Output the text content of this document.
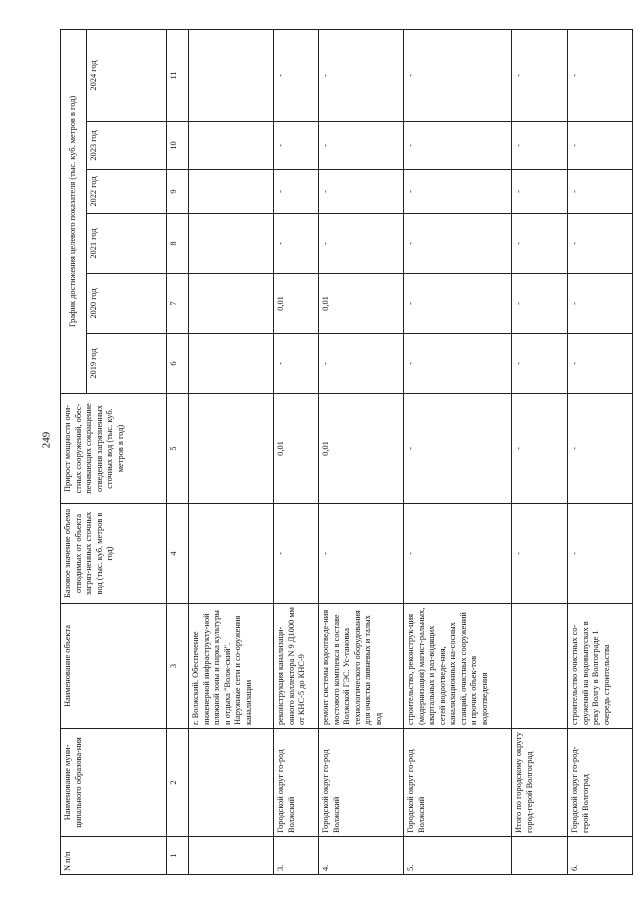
249
N п/п	Наименование муни-ципального образова-ния	Наименование объекта	Базовое значение объема отводимых от объекта загряз-ненных сточных вод (тыс. куб. метров в год)	Прирост мощности очи-стных сооружений, обес-печивающих сокращение отведения загрязненных сточных вод (тыс. куб. метров в год)	График достижения целевого показателя (тыс. куб. метров в год)					
					2019 год	2020 год	2021 год	2022 год	2023 год	2024 год
1	2	3	4	5	6	7	8	9	10	11
		г. Волжский. Обеспечение инженерной инфраструкту-ной пляжной зоны и парка культуры и отдыха "Волж-ский". Наружные сети и со-оружения канализации								
3.	Городской округ го-род Волжский	реконструкция канализаци-онного коллектора N 9 Д1000 мм от КНС-5 до КНС-9	-	0,01	-	0,01	-	-	-	-
4.	Городской округ го-род Волжский	ремонт системы водоотведе-ния мостового комплекса в составе Волжской ГЭС. Ус-тановка технологического оборудования для очистки ливневых и талых вод	-	0,01	-	0,01	-	-	-	-
5.	Городской округ го-род Волжский	строительство, реконструк-ция (модернизация) магист-ральных, квартальных и раз-водящих сетей водоотведе-ния, канализационных на-сосных станций, очистных сооружений и прочих объек-тов водоотведения	-	-	-	-	-	-	-	-
	Итого по городскому округу город-герой Волгоград		-	-	-	-	-	-	-	-
6.	Городской округ го-род-герой Волгоград	строительство очистных со-оружений на водовыпусках в реку Волгу в Волгограде 1 очередь строительства	-	-	-	-	-	-	-	-
